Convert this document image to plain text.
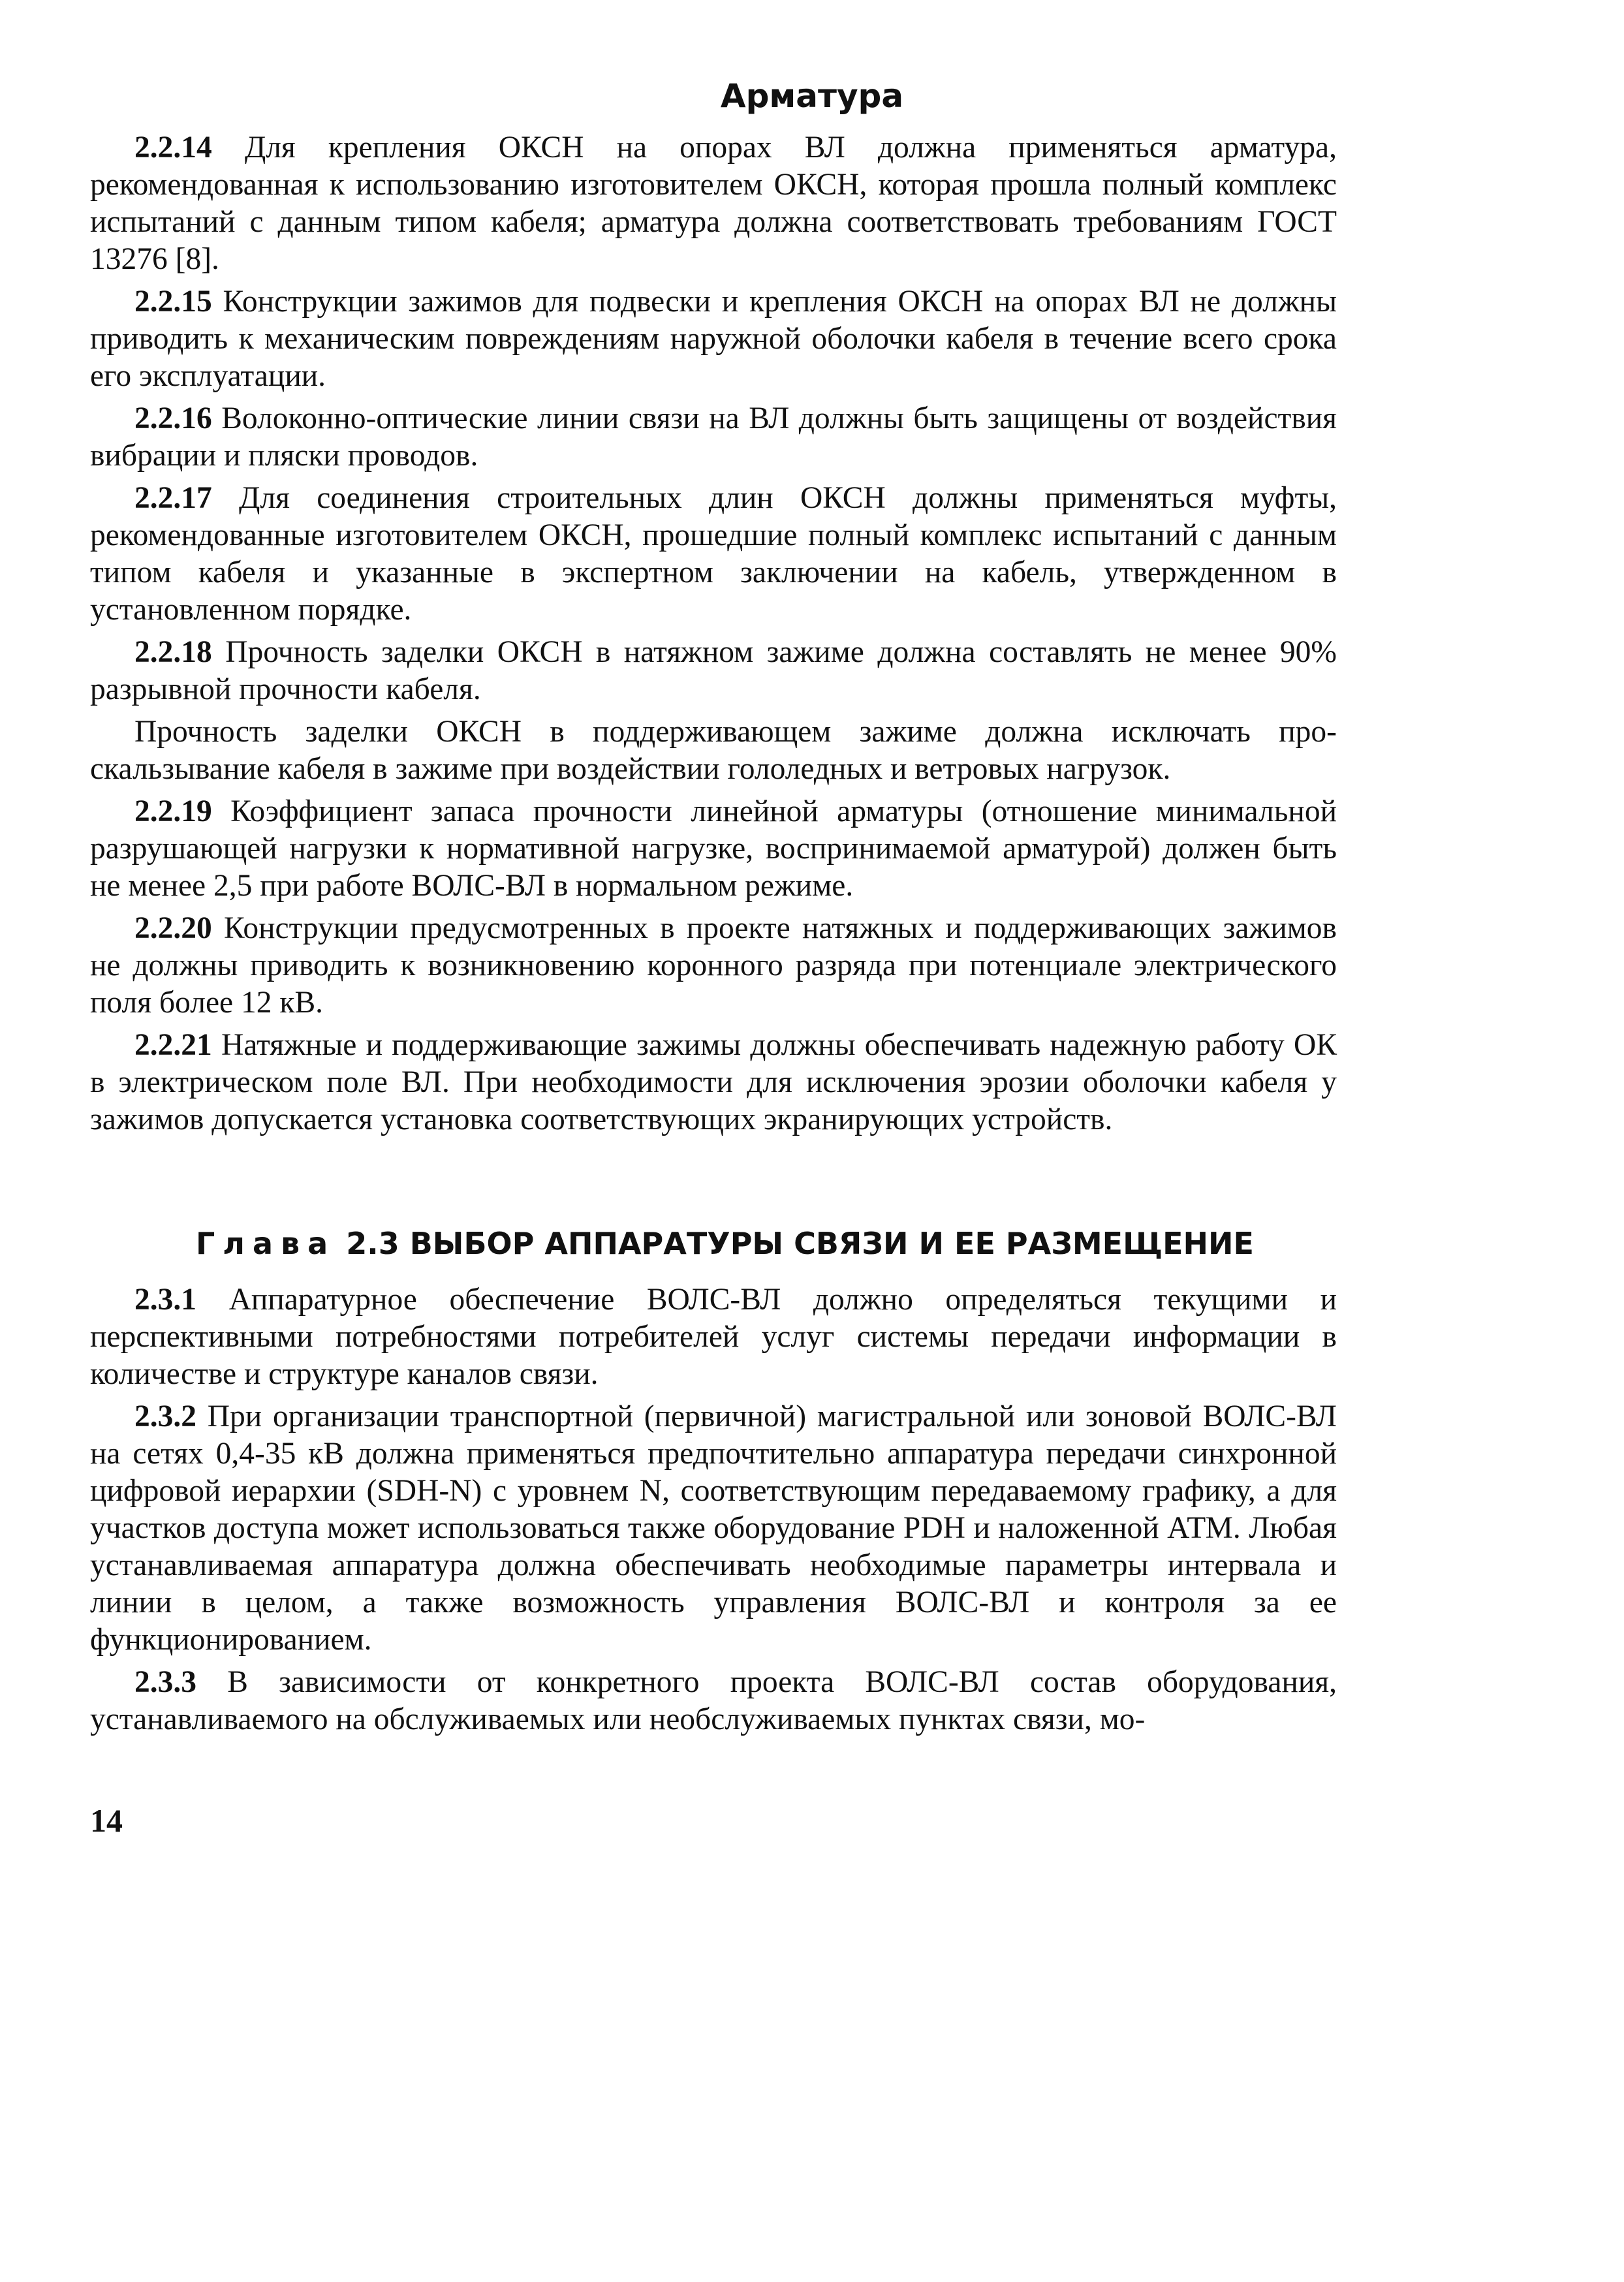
Арматура

2.2.14 Для крепления ОКСН на опорах ВЛ должна применяться арматура, рекомендованная к использованию изготовителем ОКСН, которая прошла полный комплекс испытаний с данным типом кабеля; арматура должна соответствовать требованиям ГОСТ 13276 [8].

2.2.15 Конструкции зажимов для подвески и крепления ОКСН на опорах ВЛ не должны приводить к механическим повреждениям наружной оболочки кабеля в течение всего срока его эксплуатации.

2.2.16 Волоконно-оптические линии связи на ВЛ должны быть защищены от воздействия вибрации и пляски проводов.

2.2.17 Для соединения строительных длин ОКСН должны применяться муфты, рекомендованные изготовителем ОКСН, прошедшие полный комплекс испытаний с данным типом кабеля и указанные в экспертном заключении на кабель, утвержденном в установленном порядке.

2.2.18 Прочность заделки ОКСН в натяжном зажиме должна составлять не менее 90% разрывной прочности кабеля.

Прочность заделки ОКСН в поддерживающем зажиме должна исключать проскальзывание кабеля в зажиме при воздействии гололедных и ветровых нагрузок.

2.2.19 Коэффициент запаса прочности линейной арматуры (отношение минимальной разрушающей нагрузки к нормативной нагрузке, воспринимаемой арматурой) должен быть не менее 2,5 при работе ВОЛС-ВЛ в нормальном режиме.

2.2.20 Конструкции предусмотренных в проекте натяжных и поддерживающих зажимов не должны приводить к возникновению коронного разряда при потенциале электрического поля более 12 кВ.

2.2.21 Натяжные и поддерживающие зажимы должны обеспечивать надежную работу ОК в электрическом поле ВЛ. При необходимости для исключения эрозии оболочки кабеля у зажимов допускается установка соответствующих экранирующих устройств.

Глава 2.3 ВЫБОР АППАРАТУРЫ СВЯЗИ И ЕЕ РАЗМЕЩЕНИЕ

2.3.1 Аппаратурное обеспечение ВОЛС-ВЛ должно определяться текущими и перспективными потребностями потребителей услуг системы передачи информации в количестве и структуре каналов связи.

2.3.2 При организации транспортной (первичной) магистральной или зоновой ВОЛС-ВЛ на сетях 0,4-35 кВ должна применяться предпочтительно аппаратура передачи синхронной цифровой иерархии (SDH-N) с уровнем N, соответствующим передаваемому графику, а для участков доступа может использоваться также оборудование PDH и наложенной АТМ. Любая устанавливаемая аппаратура должна обеспечивать необходимые параметры интервала и линии в целом, а также возможность управления ВОЛС-ВЛ и контроля за ее функционированием.

2.3.3 В зависимости от конкретного проекта ВОЛС-ВЛ состав оборудования, устанавливаемого на обслуживаемых или необслуживаемых пунктах связи, мо-

14
